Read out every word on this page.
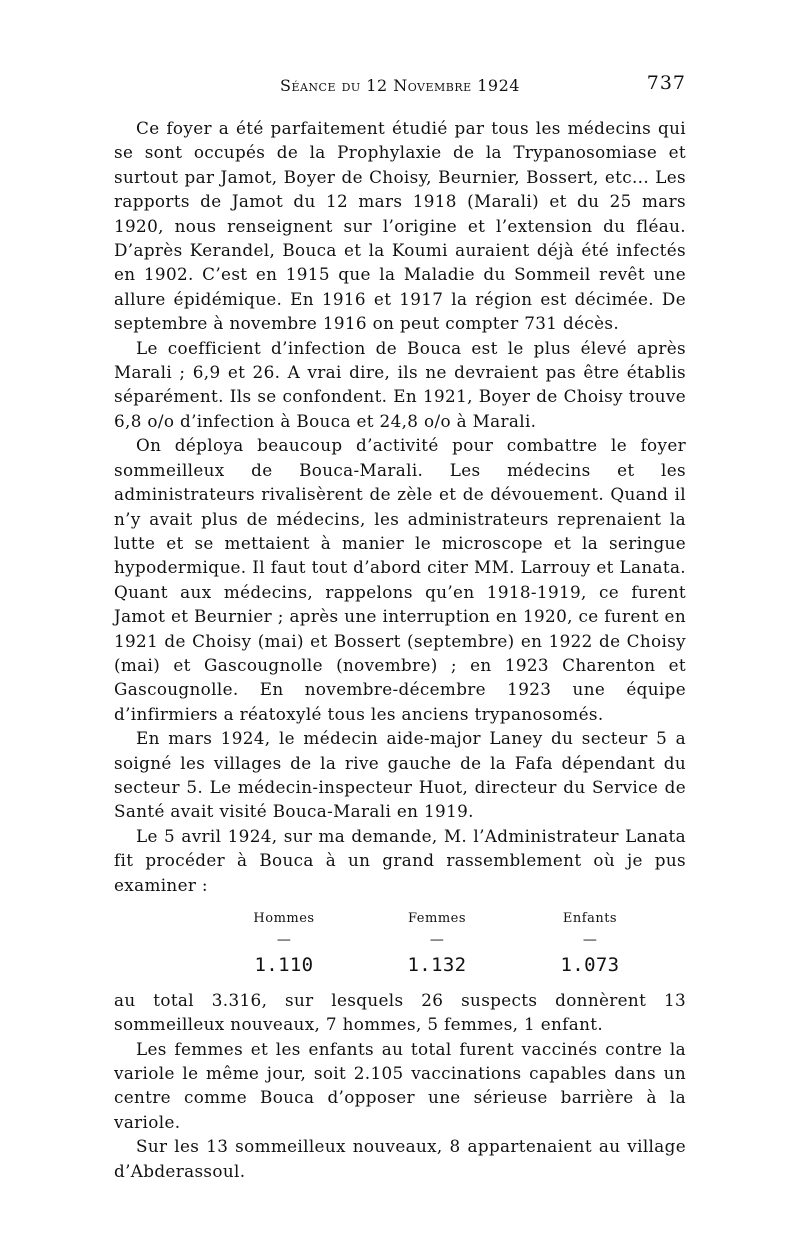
Séance du 12 Novembre 1924	737

Ce foyer a été parfaitement étudié par tous les médecins qui se sont occupés de la Prophylaxie de la Trypanosomiase et surtout par Jamot, Boyer de Choisy, Beurnier, Bossert, etc... Les rapports de Jamot du 12 mars 1918 (Marali) et du 25 mars 1920, nous renseignent sur l’origine et l’extension du fléau. D’après Kerandel, Bouca et la Koumi auraient déjà été infectés en 1902. C’est en 1915 que la Maladie du Sommeil revêt une allure épidémique. En 1916 et 1917 la région est décimée. De septembre à novembre 1916 on peut compter 731 décès.

Le coefficient d’infection de Bouca est le plus élevé après Marali ; 6,9 et 26. A vrai dire, ils ne devraient pas être établis séparément. Ils se confondent. En 1921, Boyer de Choisy trouve 6,8 o/o d’infection à Bouca et 24,8 o/o à Marali.

On déploya beaucoup d’activité pour combattre le foyer sommeilleux de Bouca-Marali. Les médecins et les administrateurs rivalisèrent de zèle et de dévouement. Quand il n’y avait plus de médecins, les administrateurs reprenaient la lutte et se mettaient à manier le microscope et la seringue hypodermique. Il faut tout d’abord citer MM. Larrouy et Lanata. Quant aux médecins, rappelons qu’en 1918-1919, ce furent Jamot et Beurnier ; après une interruption en 1920, ce furent en 1921 de Choisy (mai) et Bossert (septembre) en 1922 de Choisy (mai) et Gascougnolle (novembre) ; en 1923 Charenton et Gascougnolle. En novembre-décembre 1923 une équipe d’infirmiers a réatoxylé tous les anciens trypanosomés.

En mars 1924, le médecin aide-major Laney du secteur 5 a soigné les villages de la rive gauche de la Fafa dépendant du secteur 5. Le médecin-inspecteur Huot, directeur du Service de Santé avait visité Bouca-Marali en 1919.

Le 5 avril 1924, sur ma demande, M. l’Administrateur Lanata fit procéder à Bouca à un grand rassemblement où je pus examiner :

Hommes
—
1.110
Femmes
—
1.132
Enfants
—
1.073

au total 3.316, sur lesquels 26 suspects donnèrent 13 sommeilleux nouveaux, 7 hommes, 5 femmes, 1 enfant.

Les femmes et les enfants au total furent vaccinés contre la variole le même jour, soit 2.105 vaccinations capables dans un centre comme Bouca d’opposer une sérieuse barrière à la variole.

Sur les 13 sommeilleux nouveaux, 8 appartenaient au village d’Abderassoul.
